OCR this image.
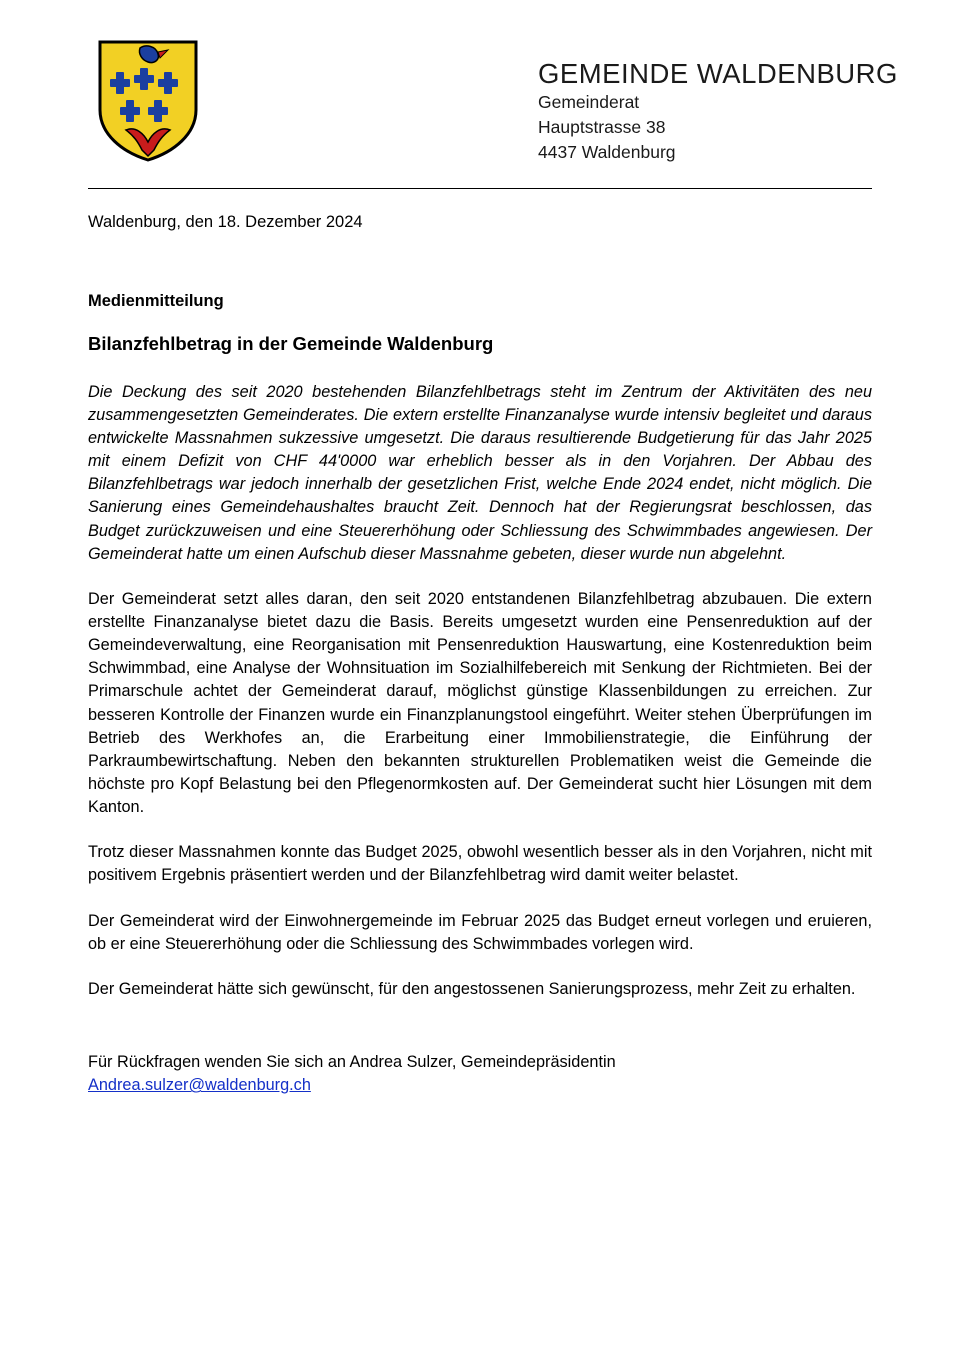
GEMEINDE WALDENBURG
Gemeinderat
Hauptstrasse 38
4437 Waldenburg

Waldenburg, den 18. Dezember 2024

Medienmitteilung

Bilanzfehlbetrag in der Gemeinde Waldenburg

Die Deckung des seit 2020 bestehenden Bilanzfehlbetrags steht im Zentrum der Aktivitäten des neu zusammengesetzten Gemeinderates. Die extern erstellte Finanzanalyse wurde intensiv begleitet und daraus entwickelte Massnahmen sukzessive umgesetzt. Die daraus resultierende Budgetierung für das Jahr 2025 mit einem Defizit von CHF 44'0000 war erheblich besser als in den Vorjahren. Der Abbau des Bilanzfehlbetrags war jedoch innerhalb der gesetzlichen Frist, welche Ende 2024 endet, nicht möglich. Die Sanierung eines Gemeindehaushaltes braucht Zeit. Dennoch hat der Regierungsrat beschlossen, das Budget zurückzuweisen und eine Steuererhöhung oder Schliessung des Schwimmbades angewiesen. Der Gemeinderat hatte um einen Aufschub dieser Massnahme gebeten, dieser wurde nun abgelehnt.

Der Gemeinderat setzt alles daran, den seit 2020 entstandenen Bilanzfehlbetrag abzubauen. Die extern erstellte Finanzanalyse bietet dazu die Basis. Bereits umgesetzt wurden eine Pensenreduktion auf der Gemeindeverwaltung, eine Reorganisation mit Pensenreduktion Hauswartung, eine Kostenreduktion beim Schwimmbad, eine Analyse der Wohnsituation im Sozialhilfebereich mit Senkung der Richtmieten. Bei der Primarschule achtet der Gemeinderat darauf, möglichst günstige Klassenbildungen zu erreichen. Zur besseren Kontrolle der Finanzen wurde ein Finanzplanungstool eingeführt. Weiter stehen Überprüfungen im Betrieb des Werkhofes an, die Erarbeitung einer Immobilienstrategie, die Einführung der Parkraumbewirtschaftung. Neben den bekannten strukturellen Problematiken weist die Gemeinde die höchste pro Kopf Belastung bei den Pflegenormkosten auf. Der Gemeinderat sucht hier Lösungen mit dem Kanton.

Trotz dieser Massnahmen konnte das Budget 2025, obwohl wesentlich besser als in den Vorjahren, nicht mit positivem Ergebnis präsentiert werden und der Bilanzfehlbetrag wird damit weiter belastet.

Der Gemeinderat wird der Einwohnergemeinde im Februar 2025 das Budget erneut vorlegen und eruieren, ob er eine Steuererhöhung oder die Schliessung des Schwimmbades vorlegen wird.

Der Gemeinderat hätte sich gewünscht, für den angestossenen Sanierungsprozess, mehr Zeit zu erhalten.

Für Rückfragen wenden Sie sich an Andrea Sulzer, Gemeindepräsidentin

Andrea.sulzer@waldenburg.ch
